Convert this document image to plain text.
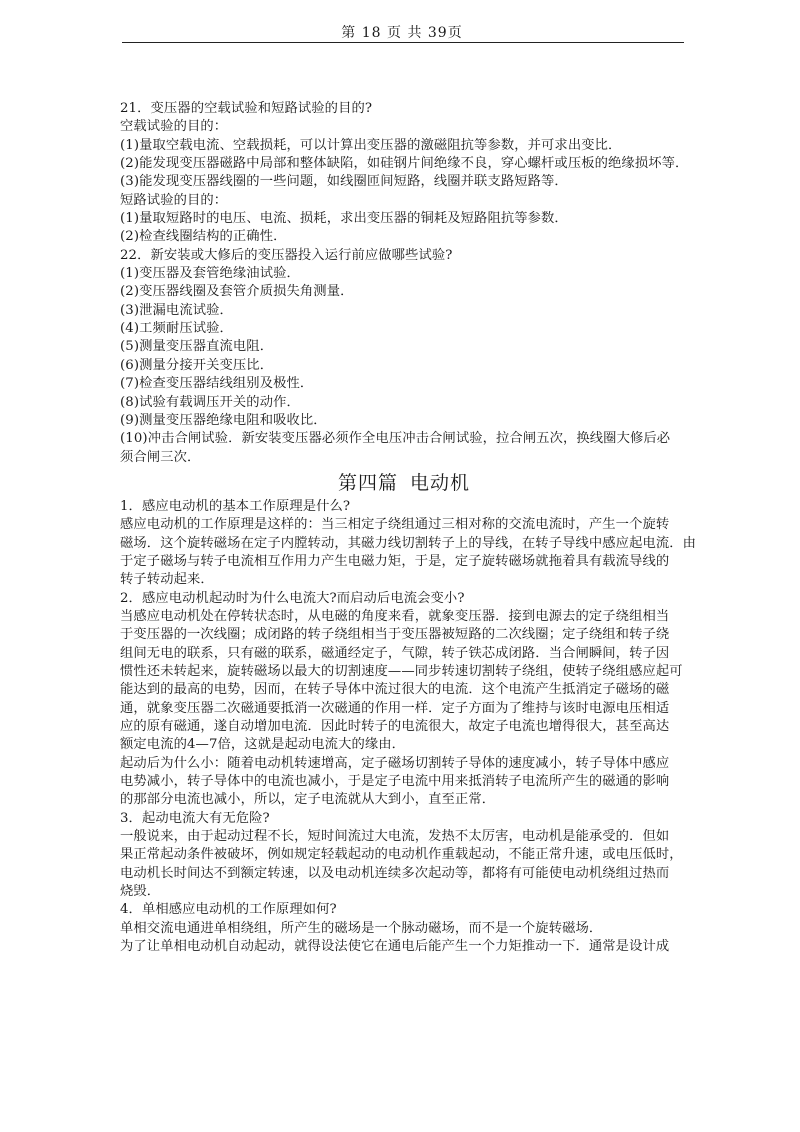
第 18 页 共 39页
21．变压器的空载试验和短路试验的目的?
空载试验的目的：
(1)量取空载电流、空载损耗，可以计算出变压器的激磁阻抗等参数，并可求出变比．
(2)能发现变压器磁路中局部和整体缺陷，如硅钢片间绝缘不良，穿心螺杆或压板的绝缘损坏等．
(3)能发现变压器线圈的一些问题，如线圈匝间短路，线圈并联支路短路等．
短路试验的目的：
(1)量取短路时的电压、电流、损耗，求出变压器的铜耗及短路阻抗等参数．
(2)检查线圈结构的正确性．
22．新安装或大修后的变压器投入运行前应做哪些试验?
(1)变压器及套管绝缘油试验．
(2)变压器线圈及套管介质损失角测量．
(3)泄漏电流试验．
(4)工频耐压试验．
(5)测量变压器直流电阻．
(6)测量分接开关变压比．
(7)检查变压器结线组别及极性．
(8)试验有载调压开关的动作．
(9)测量变压器绝缘电阻和吸收比．
(10)冲击合闸试验．新安装变压器必须作全电压冲击合闸试验，拉合闸五次，换线圈大修后必
须合闸三次．
第四篇 电动机
1．感应电动机的基本工作原理是什么?
感应电动机的工作原理是这样的：当三相定子绕组通过三相对称的交流电流时，产生一个旋转
磁场．这个旋转磁场在定子内膛转动，其磁力线切割转子上的导线，在转子导线中感应起电流．由
于定子磁场与转子电流相互作用力产生电磁力矩，于是，定子旋转磁场就拖着具有载流导线的
转子转动起来．
2．感应电动机起动时为什么电流大?而启动后电流会变小?
当感应电动机处在停转状态时，从电磁的角度来看，就象变压器．接到电源去的定子绕组相当
于变压器的一次线圈；成闭路的转子绕组相当于变压器被短路的二次线圈；定子绕组和转子绕
组间无电的联系，只有磁的联系，磁通经定子，气隙，转子铁芯成闭路．当合闸瞬间，转子因
惯性还未转起来，旋转磁场以最大的切割速度——同步转速切割转子绕组，使转子绕组感应起可
能达到的最高的电势，因而，在转子导体中流过很大的电流．这个电流产生抵消定子磁场的磁
通，就象变压器二次磁通要抵消一次磁通的作用一样．定子方面为了维持与该时电源电压相适
应的原有磁通，遂自动增加电流．因此时转子的电流很大，故定子电流也增得很大，甚至高达
额定电流的4—7倍，这就是起动电流大的缘由．
起动后为什么小：随着电动机转速增高，定子磁场切割转子导体的速度减小，转子导体中感应
电势减小，转子导体中的电流也减小，于是定子电流中用来抵消转子电流所产生的磁通的影响
的那部分电流也减小，所以，定子电流就从大到小，直至正常．
3．起动电流大有无危险?
一般说来，由于起动过程不长，短时间流过大电流，发热不太厉害，电动机是能承受的．但如
果正常起动条件被破坏，例如规定轻载起动的电动机作重载起动，不能正常升速，或电压低时，
电动机长时间达不到额定转速，以及电动机连续多次起动等，都将有可能使电动机绕组过热而
烧毁．
4．单相感应电动机的工作原理如何?
单相交流电通进单相绕组，所产生的磁场是一个脉动磁场，而不是一个旋转磁场．
为了让单相电动机自动起动，就得设法使它在通电后能产生一个力矩推动一下．通常是设计成
